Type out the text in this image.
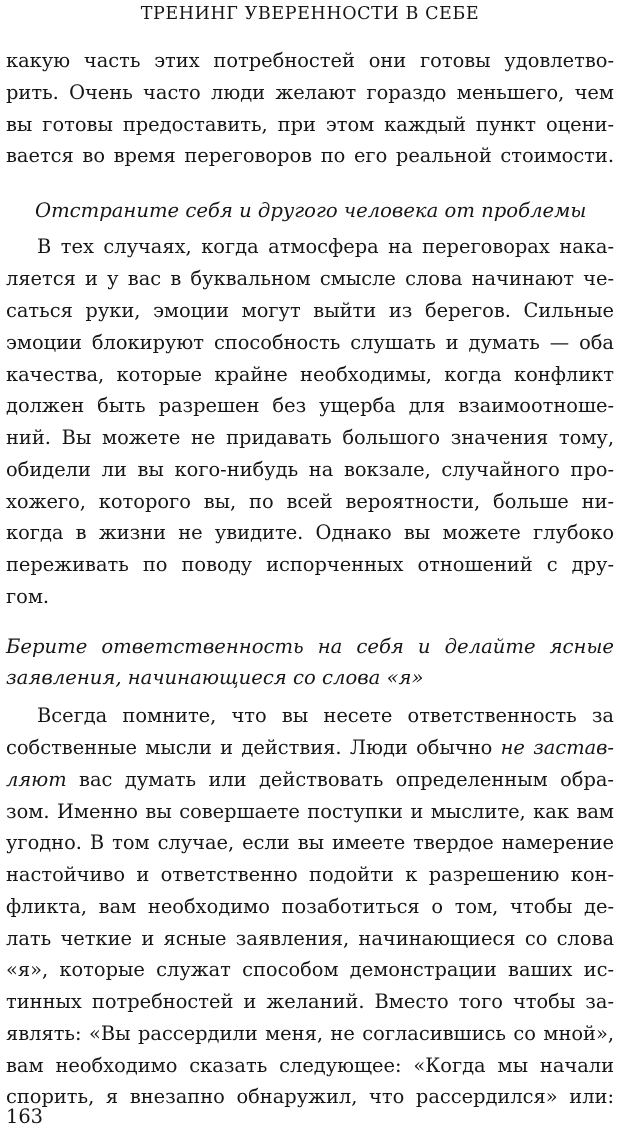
ТРЕНИНГ УВЕРЕННОСТИ В СЕБЕ
какую часть этих потребностей они готовы удовлетво-
рить. Очень часто люди желают гораздо меньшего, чем
вы готовы предоставить, при этом каждый пункт оцени-
вается во время переговоров по его реальной стоимости.
Отстраните себя и другого человека от проблемы
В тех случаях, когда атмосфера на переговорах нака-
ляется и у вас в буквальном смысле слова начинают че-
саться руки, эмоции могут выйти из берегов. Сильные
эмоции блокируют способность слушать и думать — оба
качества, которые крайне необходимы, когда конфликт
должен быть разрешен без ущерба для взаимоотноше-
ний. Вы можете не придавать большого значения тому,
обидели ли вы кого-нибудь на вокзале, случайного про-
хожего, которого вы, по всей вероятности, больше ни-
когда в жизни не увидите. Однако вы можете глубоко
переживать по поводу испорченных отношений с дру-
гом.
Берите ответственность на себя и делайте ясные
заявления, начинающиеся со слова «я»
Всегда помните, что вы несете ответственность за
собственные мысли и действия. Люди обычно не застав-
ляют вас думать или действовать определенным обра-
зом. Именно вы совершаете поступки и мыслите, как вам
угодно. В том случае, если вы имеете твердое намерение
настойчиво и ответственно подойти к разрешению кон-
фликта, вам необходимо позаботиться о том, чтобы де-
лать четкие и ясные заявления, начинающиеся со слова
«я», которые служат способом демонстрации ваших ис-
тинных потребностей и желаний. Вместо того чтобы за-
являть: «Вы рассердили меня, не согласившись со мной»,
вам необходимо сказать следующее: «Когда мы начали
спорить, я внезапно обнаружил, что рассердился» или:
163
